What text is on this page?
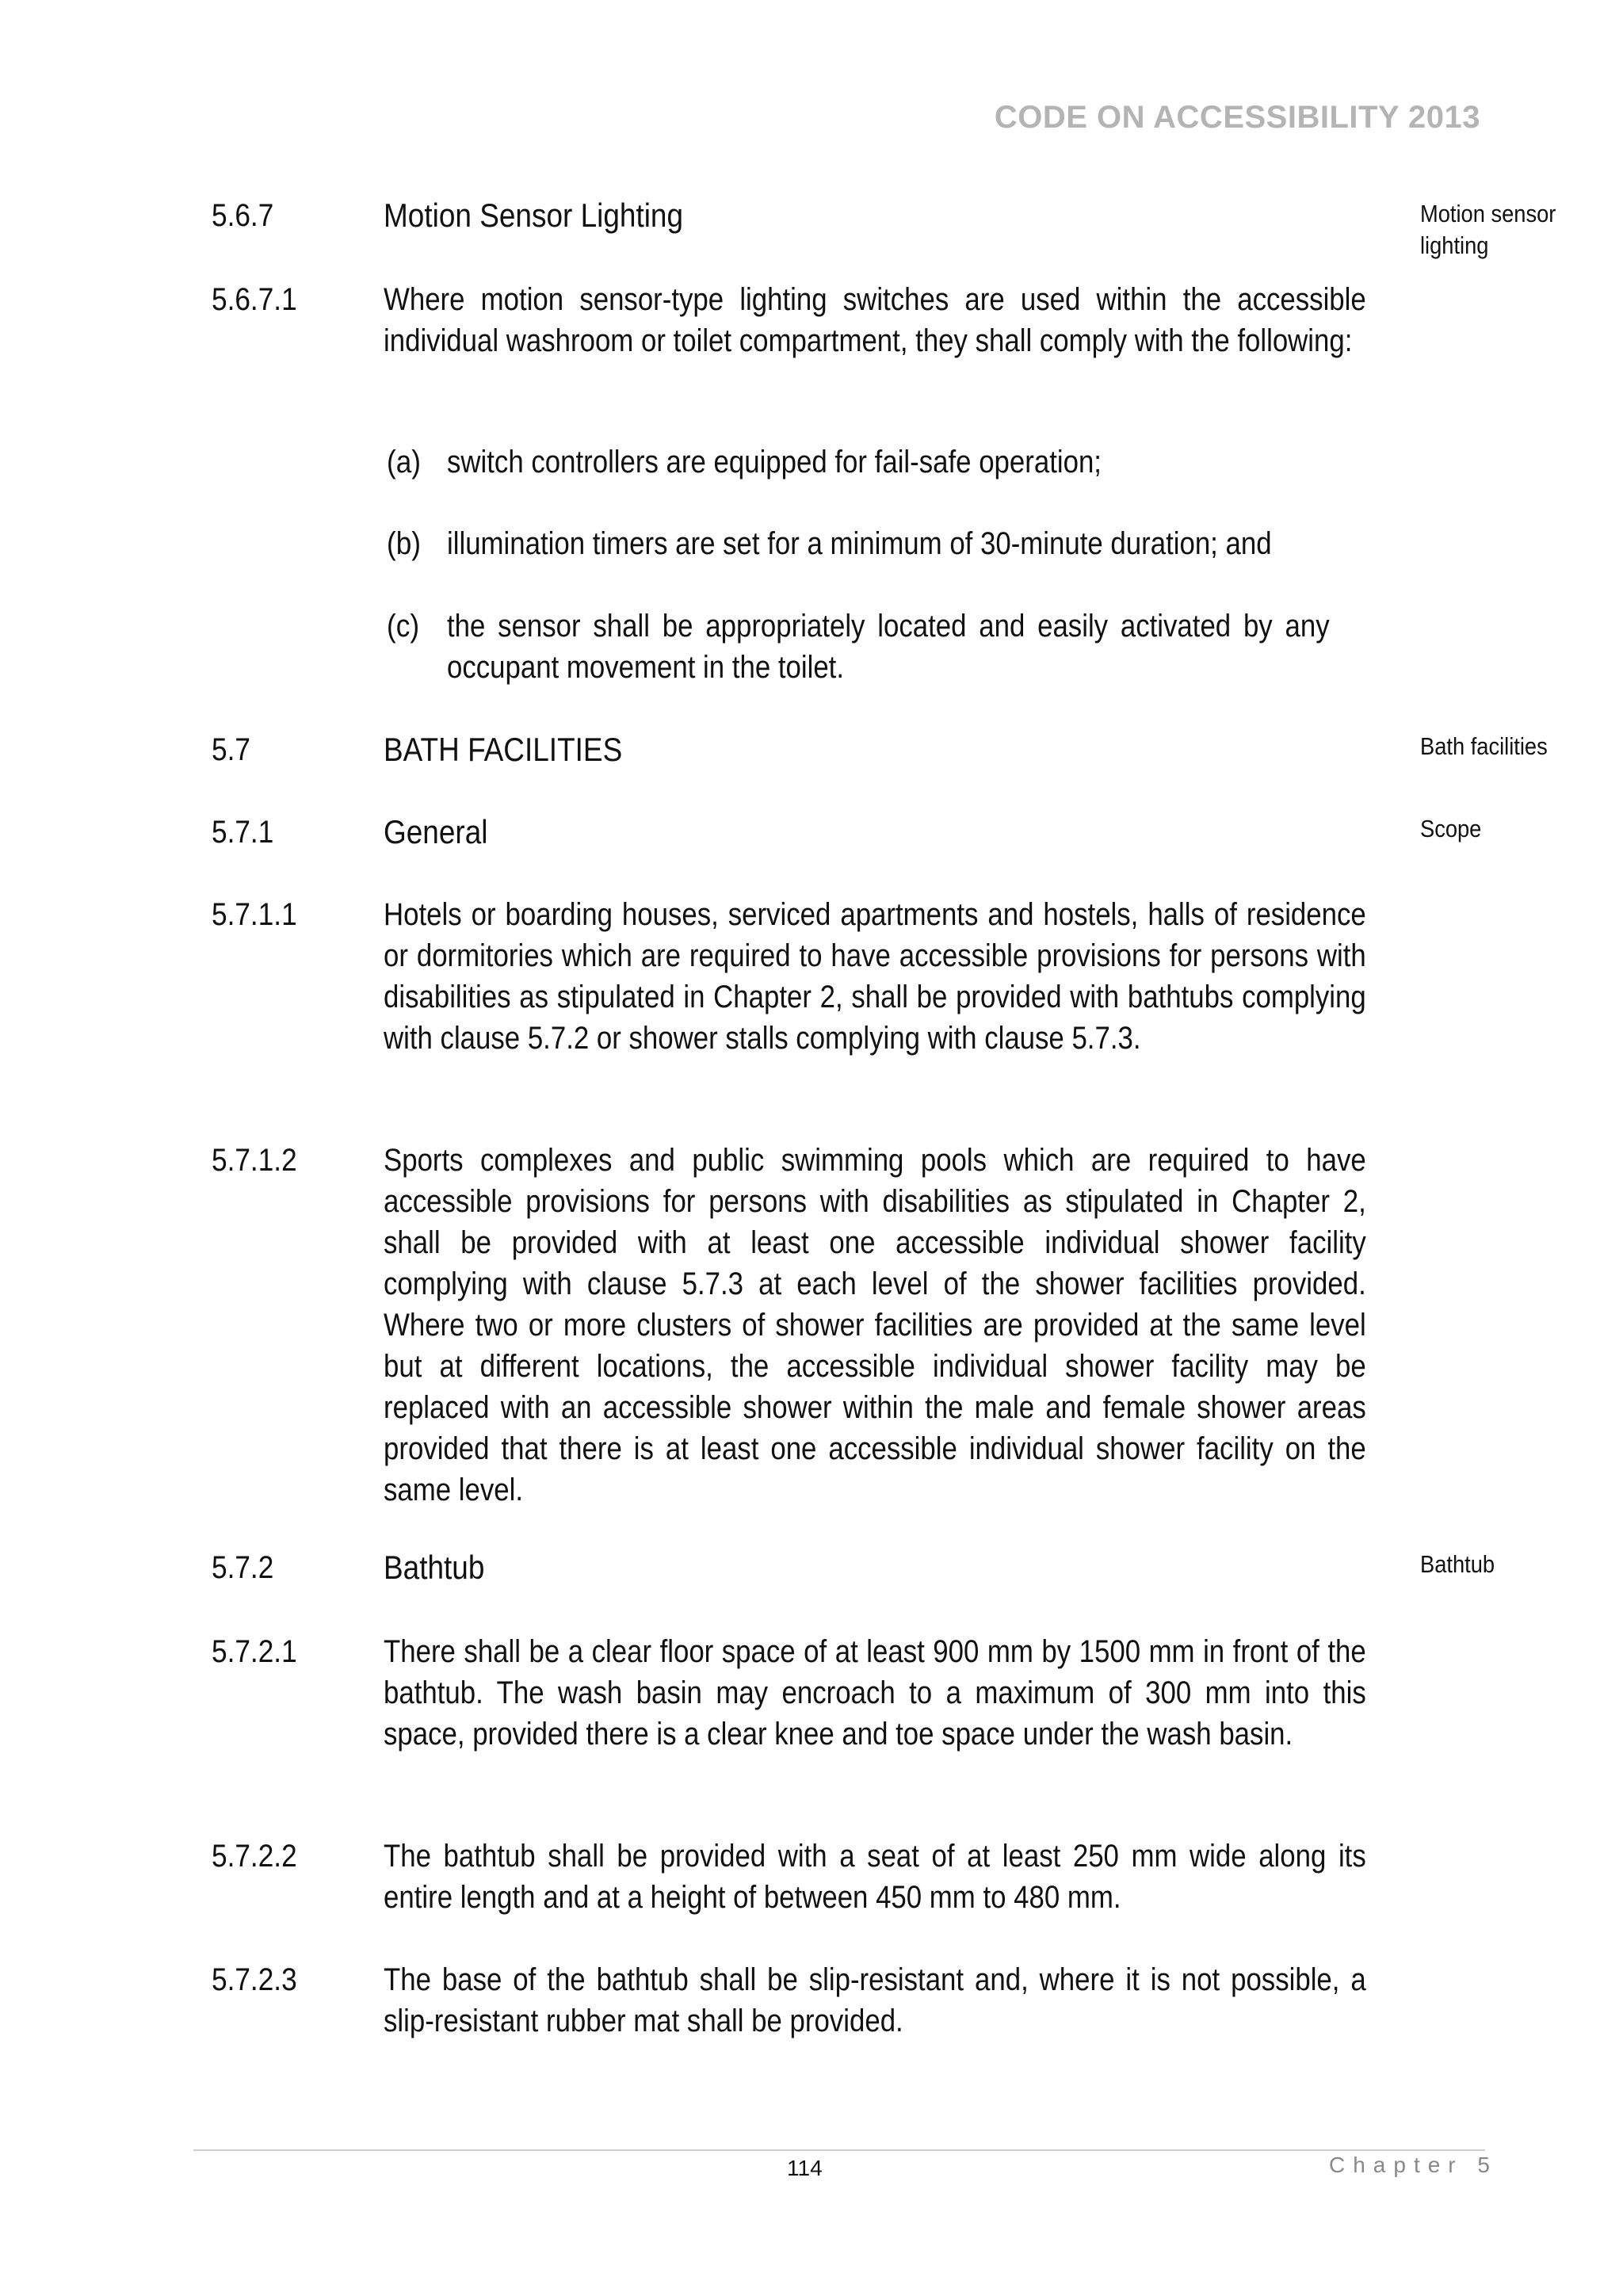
CODE ON ACCESSIBILITY 2013
5.6.7	Motion Sensor Lighting	Motion sensor lighting
5.6.7.1	Where motion sensor-type lighting switches are used within the accessible individual washroom or toilet compartment, they shall comply with the following:
(a) switch controllers are equipped for fail-safe operation;
(b) illumination timers are set for a minimum of 30-minute duration; and
(c) the sensor shall be appropriately located and easily activated by any occupant movement in the toilet.
5.7	BATH FACILITIES	Bath facilities
5.7.1	General	Scope
5.7.1.1	Hotels or boarding houses, serviced apartments and hostels, halls of residence or dormitories which are required to have accessible provisions for persons with disabilities as stipulated in Chapter 2, shall be provided with bathtubs complying with clause 5.7.2 or shower stalls complying with clause 5.7.3.
5.7.1.2	Sports complexes and public swimming pools which are required to have accessible provisions for persons with disabilities as stipulated in Chapter 2, shall be provided with at least one accessible individual shower facility complying with clause 5.7.3 at each level of the shower facilities provided. Where two or more clusters of shower facilities are provided at the same level but at different locations, the accessible individual shower facility may be replaced with an accessible shower within the male and female shower areas provided that there is at least one accessible individual shower facility on the same level.
5.7.2	Bathtub	Bathtub
5.7.2.1	There shall be a clear floor space of at least 900 mm by 1500 mm in front of the bathtub. The wash basin may encroach to a maximum of 300 mm into this space, provided there is a clear knee and toe space under the wash basin.
5.7.2.2	The bathtub shall be provided with a seat of at least 250 mm wide along its entire length and at a height of between 450 mm to 480 mm.
5.7.2.3	The base of the bathtub shall be slip-resistant and, where it is not possible, a slip-resistant rubber mat shall be provided.
114	Chapter 5
